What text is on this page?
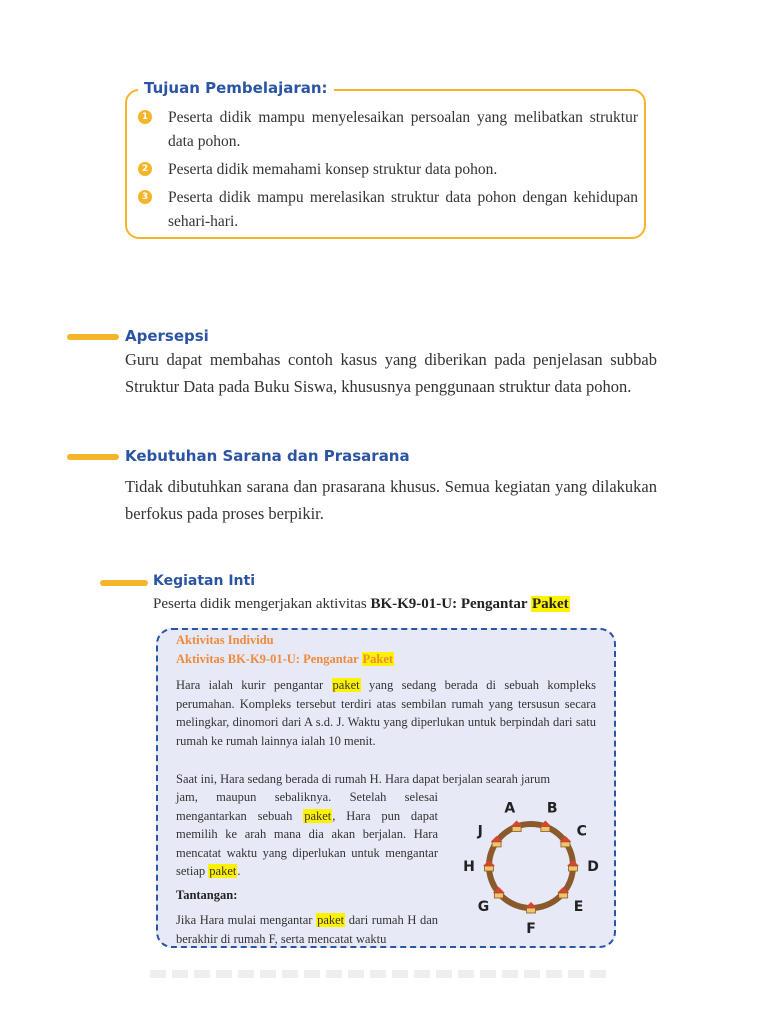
Tujuan Pembelajaran:
1 Peserta didik mampu menyelesaikan persoalan yang melibatkan struktur data pohon.
2 Peserta didik memahami konsep struktur data pohon.
3 Peserta didik mampu merelasikan struktur data pohon dengan kehidupan sehari-hari.
Apersepsi
Guru dapat membahas contoh kasus yang diberikan pada penjelasan subbab Struktur Data pada Buku Siswa, khususnya penggunaan struktur data pohon.
Kebutuhan Sarana dan Prasarana
Tidak dibutuhkan sarana dan prasarana khusus. Semua kegiatan yang dilakukan berfokus pada proses berpikir.
Kegiatan Inti
Peserta didik mengerjakan aktivitas BK-K9-01-U: Pengantar Paket
Aktivitas Individu
Aktivitas BK-K9-01-U: Pengantar Paket
Hara ialah kurir pengantar paket yang sedang berada di sebuah kompleks perumahan. Kompleks tersebut terdiri atas sembilan rumah yang tersusun secara melingkar, dinomori dari A s.d. J. Waktu yang diperlukan untuk berpindah dari satu rumah ke rumah lainnya ialah 10 menit.
Saat ini, Hara sedang berada di rumah H. Hara dapat berjalan searah jarum
jam, maupun sebaliknya. Setelah selesai mengantarkan sebuah paket, Hara pun dapat memilih ke arah mana dia akan berjalan. Hara mencatat waktu yang diperlukan untuk mengantar setiap paket.
Tantangan:
Jika Hara mulai mengantar paket dari rumah H dan berakhir di rumah F, serta mencatat waktu
A B
C
D
E
F
G
H
J
